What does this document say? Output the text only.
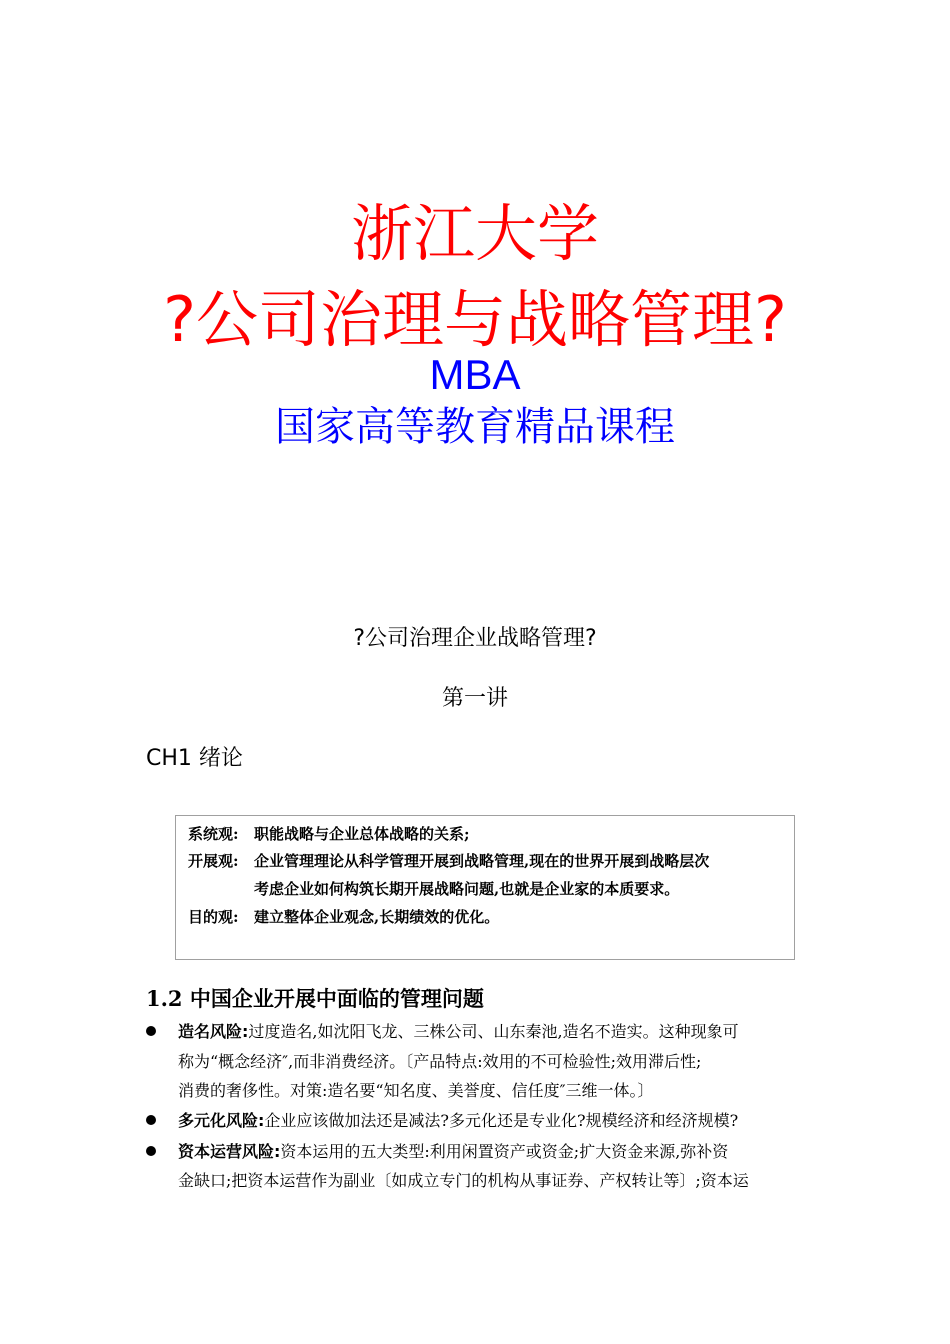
浙江大学
?公司治理与战略管理?
MBA
国家高等教育精品课程
?公司治理企业战略管理?
第一讲
CH1 绪论
系统观: 职能战略与企业总体战略的关系;
开展观: 企业管理理论从科学管理开展到战略管理,现在的世界开展到战略层次
考虑企业如何构筑长期开展战略问题,也就是企业家的本质要求。
目的观: 建立整体企业观念,长期绩效的优化。
1.2 中国企业开展中面临的管理问题
造名风险:过度造名,如沈阳飞龙、三株公司、山东秦池,造名不造实。这种现象可
称为“概念经济″,而非消费经济。〔产品特点:效用的不可检验性;效用滞后性;
消费的奢侈性。对策:造名要“知名度、美誉度、信任度″三维一体。〕
多元化风险:企业应该做加法还是减法?多元化还是专业化?规模经济和经济规模?
资本运营风险:资本运用的五大类型:利用闲置资产或资金;扩大资金来源,弥补资
金缺口;把资本运营作为副业〔如成立专门的机构从事证券、产权转让等〕;资本运
